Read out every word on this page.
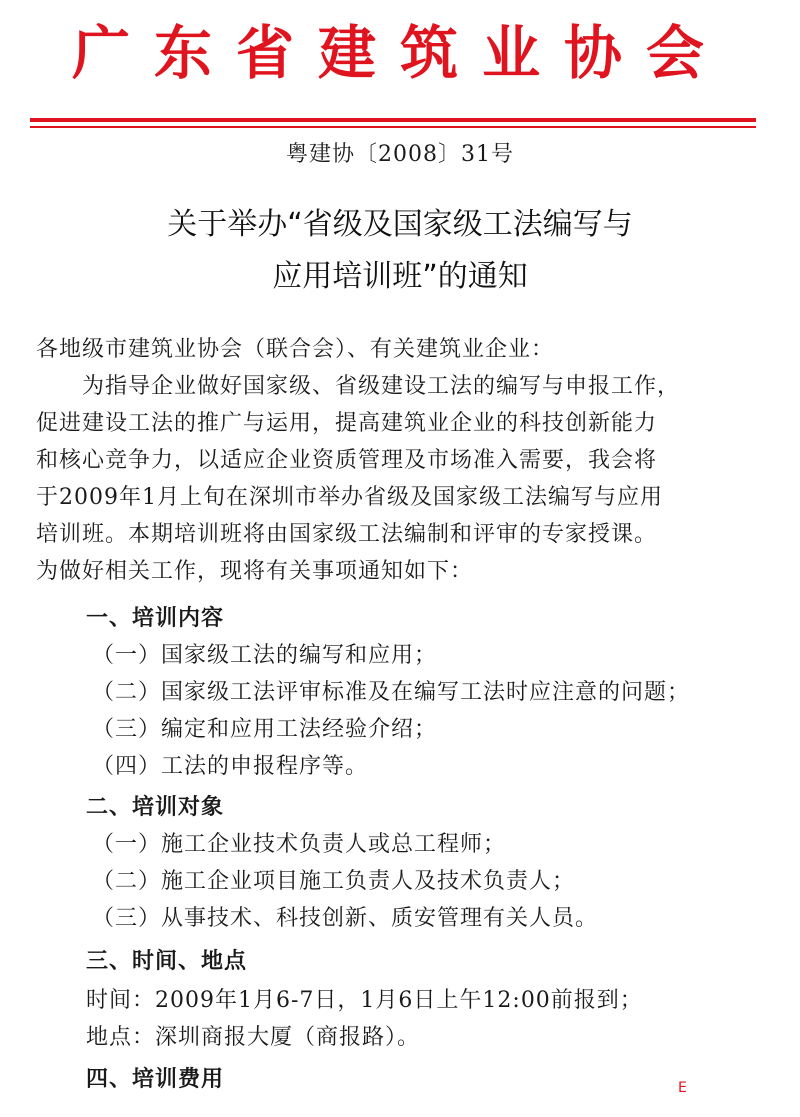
广东省建筑业协会
粤建协〔2008〕31号
关于举办“省级及国家级工法编写与
应用培训班”的通知
各地级市建筑业协会（联合会）、有关建筑业企业：
为指导企业做好国家级、省级建设工法的编写与申报工作，
促进建设工法的推广与运用，提高建筑业企业的科技创新能力
和核心竞争力，以适应企业资质管理及市场准入需要，我会将
于2009年1月上旬在深圳市举办省级及国家级工法编写与应用
培训班。本期培训班将由国家级工法编制和评审的专家授课。
为做好相关工作，现将有关事项通知如下：
一、培训内容
（一）国家级工法的编写和应用；
（二）国家级工法评审标准及在编写工法时应注意的问题；
（三）编定和应用工法经验介绍；
（四）工法的申报程序等。
二、培训对象
（一）施工企业技术负责人或总工程师；
（二）施工企业项目施工负责人及技术负责人；
（三）从事技术、科技创新、质安管理有关人员。
三、时间、地点
时间：2009年1月6-7日，1月6日上午12:00前报到；
地点：深圳商报大厦（商报路）。
四、培训费用	E
